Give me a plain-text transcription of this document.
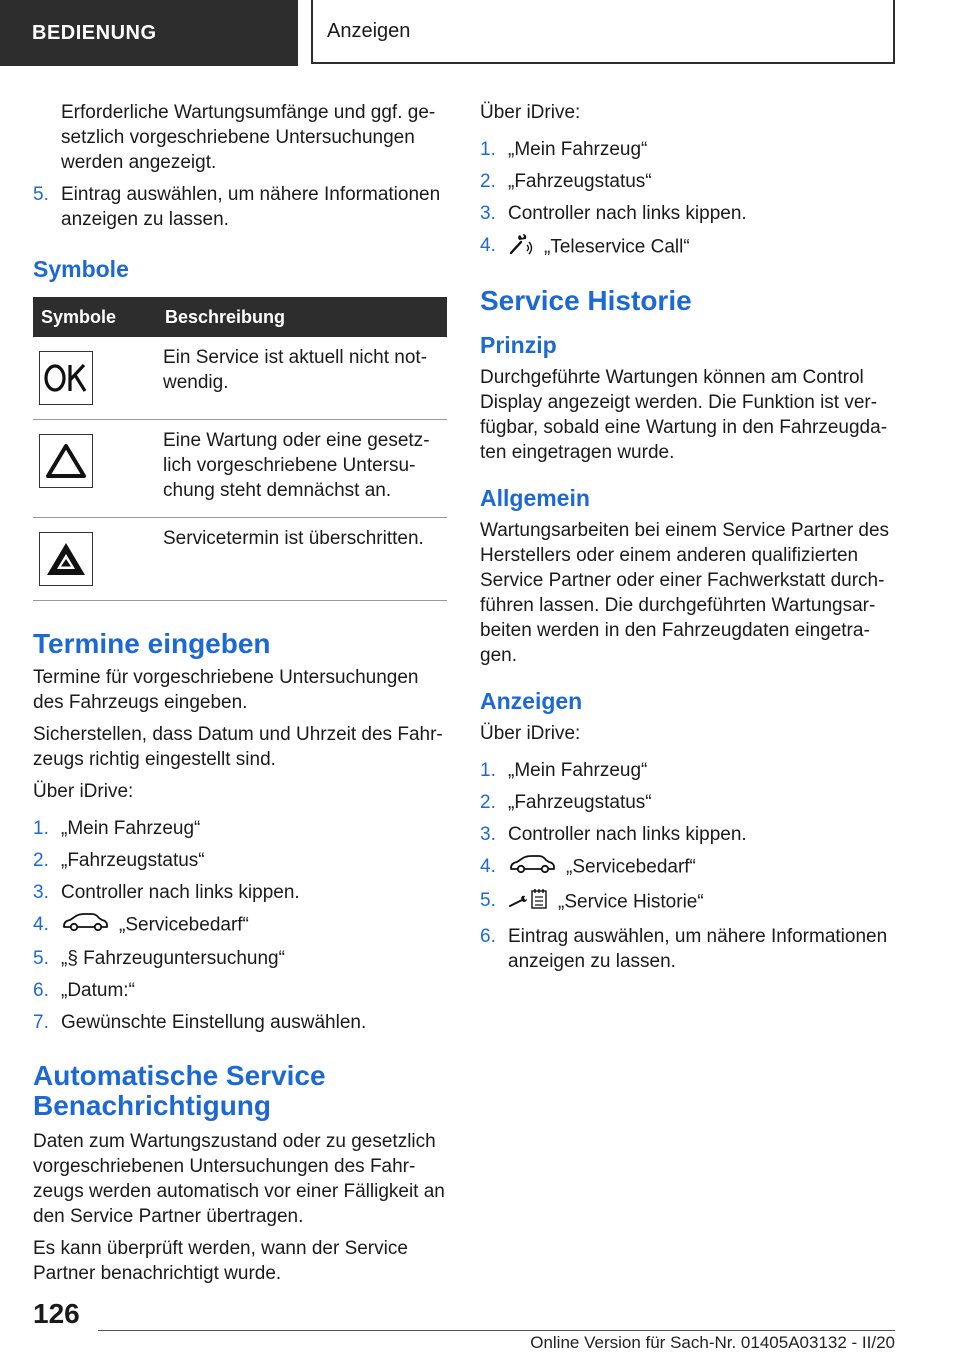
BEDIENUNG	Anzeigen

Erforderliche Wartungsumfänge und ggf. gesetzlich vorgeschriebene Untersuchungen werden angezeigt.

5. Eintrag auswählen, um nähere Informationen anzeigen zu lassen.
Symbole
Symbole	Beschreibung

	Ein Service ist aktuell nicht notwendig.

	Eine Wartung oder eine gesetzlich vorgeschriebene Untersuchung steht demnächst an.

	Servicetermin ist überschritten.
Termine eingeben

Termine für vorgeschriebene Untersuchungen des Fahrzeugs eingeben.

Sicherstellen, dass Datum und Uhrzeit des Fahrzeugs richtig eingestellt sind.

Über iDrive:

1. „Mein Fahrzeug“
2. „Fahrzeugstatus“
3. Controller nach links kippen.
4.	„Servicebedarf“
5. „§ Fahrzeuguntersuchung“
6. „Datum:“
7. Gewünschte Einstellung auswählen.
Automatische Service
Benachrichtigung

Daten zum Wartungszustand oder zu gesetzlich vorgeschriebenen Untersuchungen des Fahrzeugs werden automatisch vor einer Fälligkeit an den Service Partner übertragen.

Es kann überprüft werden, wann der Service Partner benachrichtigt wurde.

Über iDrive:

1. „Mein Fahrzeug“
2. „Fahrzeugstatus“
3. Controller nach links kippen.
4.	„Teleservice Call“
Service Historie
Prinzip

Durchgeführte Wartungen können am Control Display angezeigt werden. Die Funktion ist verfügbar, sobald eine Wartung in den Fahrzeugdaten eingetragen wurde.

Allgemein

Wartungsarbeiten bei einem Service Partner des Herstellers oder einem anderen qualifizierten Service Partner oder einer Fachwerkstatt durchführen lassen. Die durchgeführten Wartungsarbeiten werden in den Fahrzeugdaten eingetragen.

Anzeigen

Über iDrive:

1. „Mein Fahrzeug“
2. „Fahrzeugstatus“
3. Controller nach links kippen.
4.	„Servicebedarf“
5.	„Service Historie“
6. Eintrag auswählen, um nähere Informationen anzeigen zu lassen.
126
Online Version für Sach-Nr. 01405A03132 - II/20
